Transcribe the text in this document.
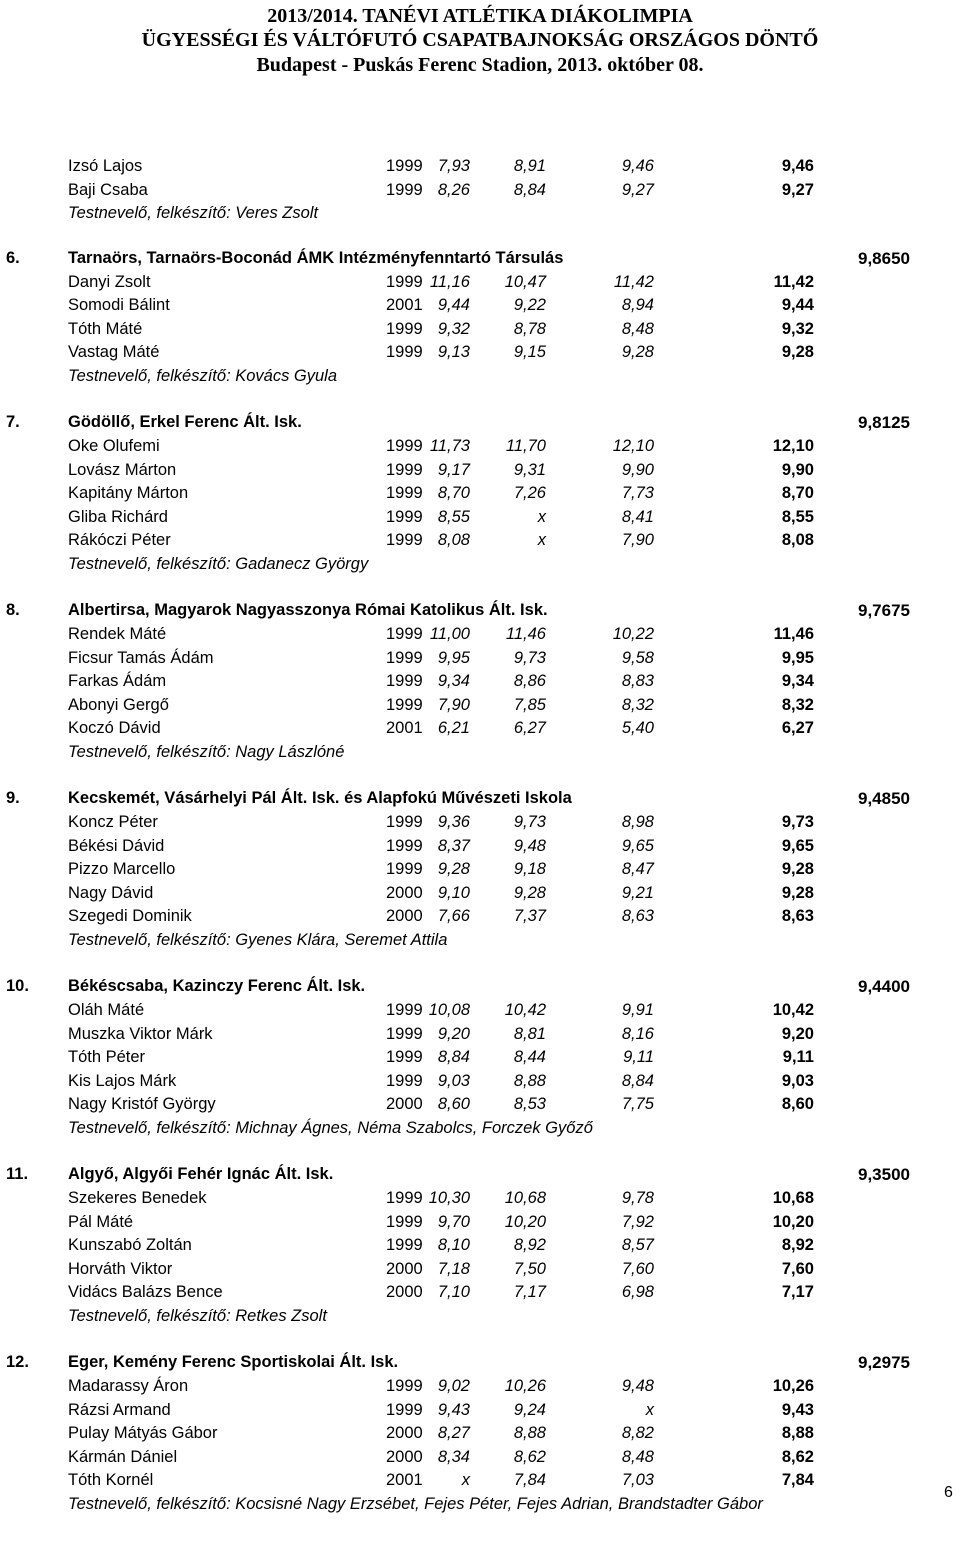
2013/2014. TANÉVI ATLÉTIKA DIÁKOLIMPIA
ÜGYESSÉGI ÉS VÁLTÓFUTÓ CSAPATBAJNOKSÁG ORSZÁGOS DÖNTŐ
Budapest - Puskás Ferenc Stadion, 2013. október 08.
Izsó Lajos	1999 7,93	8,91	9,46	9,46
Baji Csaba	1999 8,26	8,84	9,27	9,27
Testnevelő, felkészítő: Veres Zsolt
6.	Tarnaörs, Tarnaörs-Boconád ÁMK Intézményfenntartó Társulás	9,8650
Danyi Zsolt	1999 11,16 10,47	11,42	11,42
Somodi Bálint	2001 9,44	9,22	8,94	9,44
Tóth Máté	1999 9,32	8,78	8,48	9,32
Vastag Máté	1999 9,13	9,15	9,28	9,28
Testnevelő, felkészítő: Kovács Gyula
7.	Gödöllő, Erkel Ferenc Ált. Isk.	9,8125
Oke Olufemi	1999 11,73 11,70	12,10	12,10
Lovász Márton	1999 9,17	9,31	9,90	9,90
Kapitány Márton	1999 8,70	7,26	7,73	8,70
Gliba Richárd	1999 8,55	x	8,41	8,55
Rákóczi Péter	1999 8,08	x	7,90	8,08
Testnevelő, felkészítő: Gadanecz György
8.	Albertirsa, Magyarok Nagyasszonya Római Katolikus Ált. Isk.	9,7675
Rendek Máté	1999 11,00 11,46	10,22	11,46
Ficsur Tamás Ádám	1999 9,95	9,73	9,58	9,95
Farkas Ádám	1999 9,34	8,86	8,83	9,34
Abonyi Gergő	1999 7,90	7,85	8,32	8,32
Koczó Dávid	2001 6,21	6,27	5,40	6,27
Testnevelő, felkészítő: Nagy Lászlóné
9.	Kecskemét, Vásárhelyi Pál Ált. Isk. és Alapfokú Művészeti Iskola	9,4850
Koncz Péter	1999 9,36	9,73	8,98	9,73
Békési Dávid	1999 8,37	9,48	9,65	9,65
Pizzo Marcello	1999 9,28	9,18	8,47	9,28
Nagy Dávid	2000 9,10	9,28	9,21	9,28
Szegedi Dominik	2000 7,66	7,37	8,63	8,63
Testnevelő, felkészítő: Gyenes Klára, Seremet Attila
10. Békéscsaba, Kazinczy Ferenc Ált. Isk.	9,4400
Oláh Máté	1999 10,08 10,42	9,91	10,42
Muszka Viktor Márk	1999 9,20	8,81	8,16	9,20
Tóth Péter	1999 8,84	8,44	9,11	9,11
Kis Lajos Márk	1999 9,03	8,88	8,84	9,03
Nagy Kristóf György	2000 8,60	8,53	7,75	8,60
Testnevelő, felkészítő: Michnay Ágnes, Néma Szabolcs, Forczek Győző
11. Algyő, Algyői Fehér Ignác Ált. Isk.	9,3500
Szekeres Benedek	1999 10,30 10,68	9,78	10,68
Pál Máté	1999 9,70 10,20	7,92	10,20
Kunszabó Zoltán	1999 8,10	8,92	8,57	8,92
Horváth Viktor	2000 7,18	7,50	7,60	7,60
Vidács Balázs Bence	2000 7,10	7,17	6,98	7,17
Testnevelő, felkészítő: Retkes Zsolt
12. Eger, Kemény Ferenc Sportiskolai Ált. Isk.	9,2975
Madarassy Áron	1999 9,02 10,26	9,48	10,26
Rázsi Armand	1999 9,43	9,24	x	9,43
Pulay Mátyás Gábor	2000 8,27	8,88	8,82	8,88
Kármán Dániel	2000 8,34	8,62	8,48	8,62
Tóth Kornél	2001 x	7,84	7,03	7,84
Testnevelő, felkészítő: Kocsisné Nagy Erzsébet, Fejes Péter, Fejes Adrian, Brandstadter Gábor
6
